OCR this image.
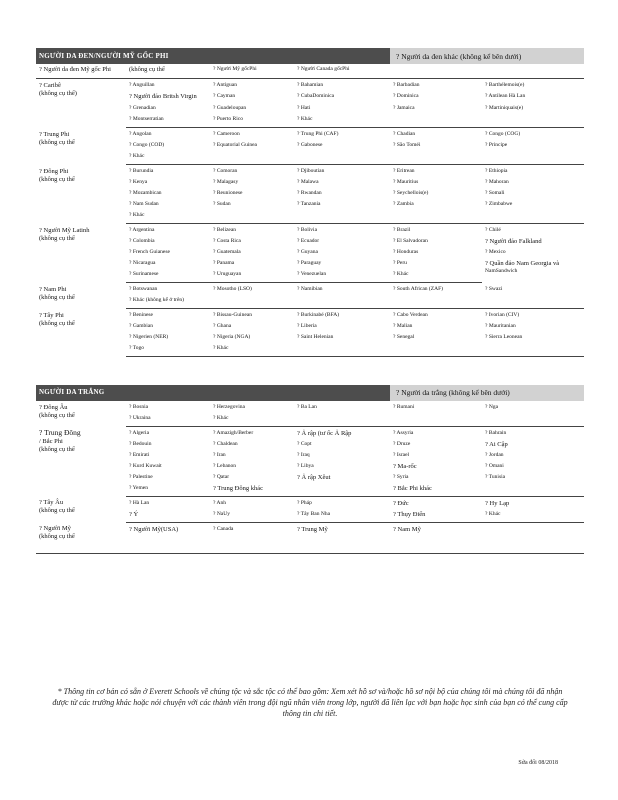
NGƯỜI DA ĐEN/NGƯỜI MỸ GỐC PHI				? Người da đen khác (không kể bên dưới)	
? Người da đen Mỹ gốc Phi	(không cụ thể	? Người Mỹ gốcPhi	? Người Canada gốcPhi		
? Caribê
(không cụ thể)	? Anguillan	? Antiguan	? Bahamian	? Barbadian	? Barthélemois(e)
	? Người đảo Britsh Virgin	? Cayman	? CubaDominica	? Dominica	? Antilean Hà Lan
	? Grenadian	? Guadeloupan	? Hati	? Jamaica	? Martiniquais(e)
	? Montserratian	? Puerto Rico	? Khác		
? Trung Phi
(không cụ thể	? Angolan	? Cameroon	? Trung Phi (CAF)	? Chadian	? Congo (COG)
	? Congo (COD)	? Equatorial Guinea	? Gabonese	? São Toméi	? Principe
	? Khác				
? Đông Phi
(không cụ thể	? Burundia	? Comoran	? Djiboutian	? Eritrean	? Ethiopia
	? Kenya	? Malagasy	? Malawa	? Mauritius	? Mahoran
	? Mozambican	? Reunionese	? Rwandan	? Seychellois(e)	? Somali
	? Nam Sudan	? Sudan	? Tanzania	? Zambia	? Zimbabwe
	? Khác				
? Người Mỹ Latinh
(không cụ thể	? Argentina	? Belizean	? Bolivia	? Brazil	? Chilé
	? Colombia	? Costa Rica	? Ecuador	? El Salvadoran	? Người đảo Falkland
	? French Guianese	? Guatemala	? Guyana	? Honduras	? Mexico
	? Nicaragua	? Panama	? Paraguay	? Peru	? Quần đảo Nam Georgia và
NamSandwich
	? Surinamese	? Uruguayan	? Venezuelan	? Khác	
? Nam Phi
(không cụ thể	? Botswanan	? Mosotho (LSO)	? Namibian	? South African (ZAF)	? Swazi
	? Khác (không kể ở trên)				
? Tây Phi
(không cụ thể	? Beninese	? Bissau-Guinean	? Burkinabé (BFA)	? Cabo Verdean	? Ivorian (CIV)
	? Gambian	? Ghana	? Liberia	? Malian	? Mauritanian
	? Nigerien (NER)	? Nigeria (NGA)	? Saint Helenian	? Senegal	? Sierra Leonean
	? Togo	? Khác			

NGƯỜI DA TRẮNG				? Người da trắng (không kể bên dưới)	
? Đông Âu
(không cụ thể	? Bosnia	? Herzegovina	? Ba Lan	? Rumani	? Nga
	? Ukraina	? Khác			
? Trung Đông
/ Bắc Phi
(không cụ thể	? Algeria	? Amazigh/Berber	? Ả rập (tư ốc Ả Rập	? Assyria	? Bahrain
	? Bedouin	? Chaldean	? Copt	? Druze	? Ai Cập
	? Emirati	? Iran	? Iraq	? Israel	? Jordan
	? Kurd Kuwait	? Lebanon	? Libya	? Ma-rốc	? Omani
	? Palestine	? Qatar	? Ả rập Xêut	? Syria	? Tunisia
	? Yemen	? Trung Đông khác		? Bắc Phi khác	
? Tây Âu
(không cụ thể	? Hà Lan	? Anh	? Pháp	? Đức	? Hy Lạp
	? Ý	? NaUy	? Tây Ban Nha	? Thụy Điển	? Khác
? Người Mỹ
(không cụ thể	? Người Mỹ(USA)	? Canada	? Trung Mỹ	? Nam Mỹ	

* Thông tin cơ bản có sẵn ở Everett Schools về chủng tộc và sắc tộc có thể bao gồm: Xem xét hồ sơ và/hoặc hồ sơ nội bộ của chúng tôi mà chúng tôi đã nhận được từ các trường khác hoặc nói chuyện với các thành viên trong đội ngũ nhân viên trong lớp, người đã liên lạc với bạn hoặc học sinh của bạn có thể cung cấp thông tin chi tiết.

Sửa đổi 08/2018
